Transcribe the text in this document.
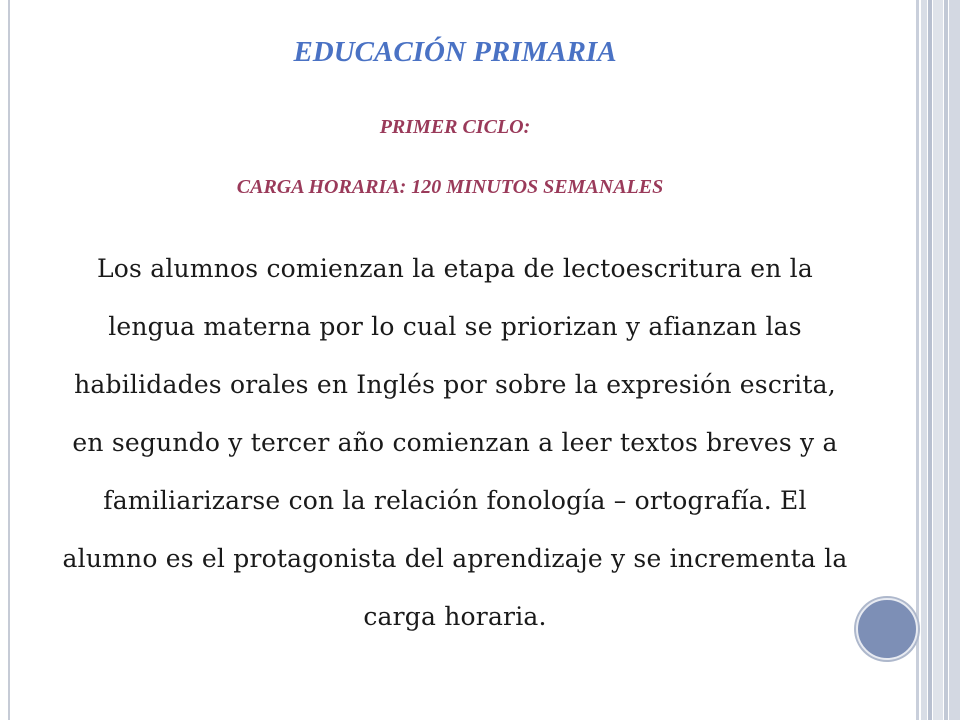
EDUCACIÓN PRIMARIA
PRIMER CICLO:
CARGA HORARIA: 120 MINUTOS SEMANALES

Los alumnos comienzan la etapa de lectoescritura en la lengua materna por lo cual se priorizan y afianzan las habilidades orales en Inglés por sobre la expresión escrita, en segundo y tercer año comienzan a leer textos breves y a familiarizarse con la relación fonología – ortografía. El alumno es el protagonista del aprendizaje y se incrementa la carga horaria.
